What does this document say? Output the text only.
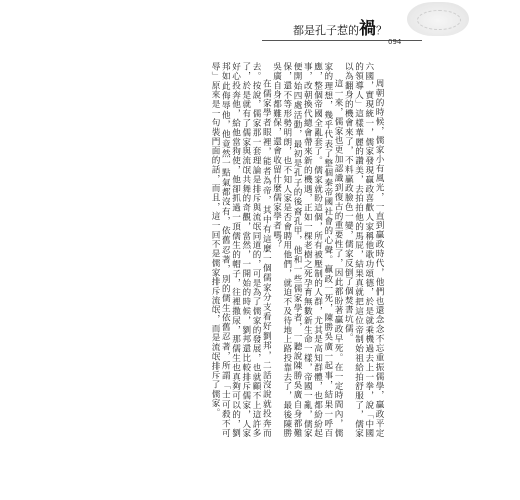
都是孔子惹的禍？
094

周朝的時候，儒家小有風光，一直到贏政時代，他們也還念念不忘重振儒學，贏政平定六國，實現統一，儒家發現贏政喜歡人家稱他歌功頌德，於是就乘機過去上一拳，說「中國的領導人」這樣華麗的讚美，去拍拍他的馬屁，結果真就把這位帝制始祖給拍舒服了，儒家以為翻身的機會來了，不料贏政臉色一變，儒家反倒了個焚書坑儒。

這一來，儒家也更加認識到復古的重要性了，因此都盼著贏政早死。在一定時間內，儒家的理想，幾乎代表了整個秦帝國社會的心聲。贏政一死，陳勝吳廣一起事，結果一呼百應，整個帝國全亂套了。儒家就盼這個，所有被壓制的人群，尤其是高知群體，也都紛紛起事，改朝換代總會帶來新的機遇，正如一棵老樹之死孕育無數新生命一樣，帝國一亂，儒家便開始四處活動，最初是孔子的後裔孔甲，他和一些儒家學者，一聽說陳勝吳廣自身都難保，還不等形勢明朗，也不知人家是否會聘用他們，就迫不及待地上路投靠去了，最後陳勝吳廣自身都難保，還會收留什麼儒家學者嗎？

在儒家學者眼裡，能者為帝，其中有這麼一個儒家分支看好劉邦，二話沒說就投奔而去。按說，儒家那一套理論是排斥與流氓同道的，可是為了儒家的發展，也就顧不上這許多了，於是就有了儒家與流氓共舞的奇觀，當然，一開始的時候，劉邦還比較排斥儒家，人家好心投奔他，給他當狗使，他卻抓過一頂儒生的帽子，往裡撒尿，那儒生也真夠可以的，劉邦如此侮辱他，他竟然一點氣都沒有，依舊忍著，別的儒生依舊忍著，所謂「士可殺不可辱」原來是一句裝門面的話，而且，這一回不是儒家排斥流氓，而是流氓排斥了儒家。
